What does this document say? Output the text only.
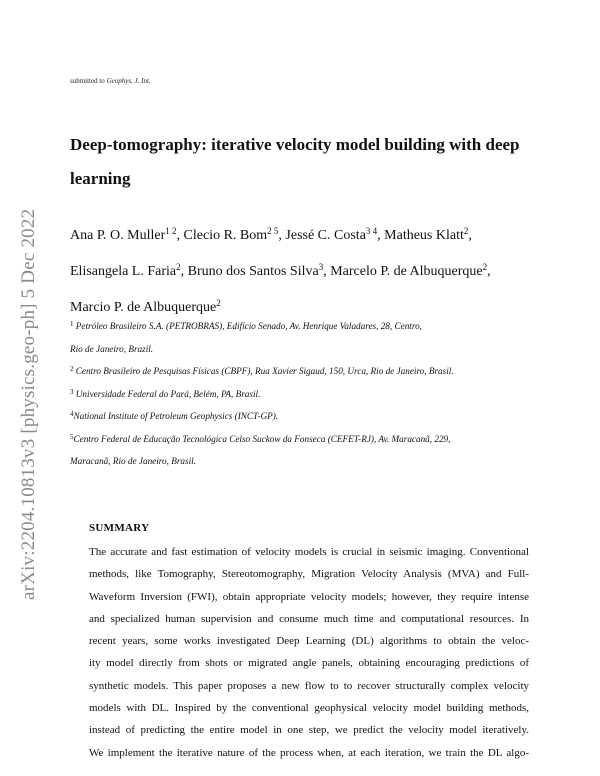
arXiv:2204.10813v3 [physics.geo-ph] 5 Dec 2022
submitted to Geophys. J. Int.
Deep-tomography: iterative velocity model building with deep
learning
Ana P. O. Muller$^{1 2}$, Clecio R. Bom$^{2 5}$, Jessé C. Costa$^{3 4}$, Matheus Klatt$^2$,
Elisangela L. Faria$^2$, Bruno dos Santos Silva$^3$, Marcelo P. de Albuquerque$^2$,
Marcio P. de Albuquerque$^2$
$^1$ Petróleo Brasileiro S.A. (PETROBRAS), Edifício Senado, Av. Henrique Valadares, 28, Centro,
Rio de Janeiro, Brazil.
$^2$ Centro Brasileiro de Pesquisas Físicas (CBPF), Rua Xavier Sigaud, 150, Urca, Rio de Janeiro, Brasil.
$^3$ Universidade Federal do Pará, Belém, PA, Brasil.
$^4$National Institute of Petroleum Geophysics (INCT-GP).
$^5$Centro Federal de Educação Tecnológica Celso Suckow da Fonseca (CEFET-RJ), Av. Maracanã, 229,
Maracanã, Rio de Janeiro, Brasil.
SUMMARY
The accurate and fast estimation of velocity models is crucial in seismic imaging. Conventional
methods, like Tomography, Stereotomography, Migration Velocity Analysis (MVA) and Full-
Waveform Inversion (FWI), obtain appropriate velocity models; however, they require intense
and specialized human supervision and consume much time and computational resources. In
recent years, some works investigated Deep Learning (DL) algorithms to obtain the veloc-
ity model directly from shots or migrated angle panels, obtaining encouraging predictions of
synthetic models. This paper proposes a new flow to to recover structurally complex velocity
models with DL. Inspired by the conventional geophysical velocity model building methods,
instead of predicting the entire model in one step, we predict the velocity model iteratively.
We implement the iterative nature of the process when, at each iteration, we train the DL algo-
